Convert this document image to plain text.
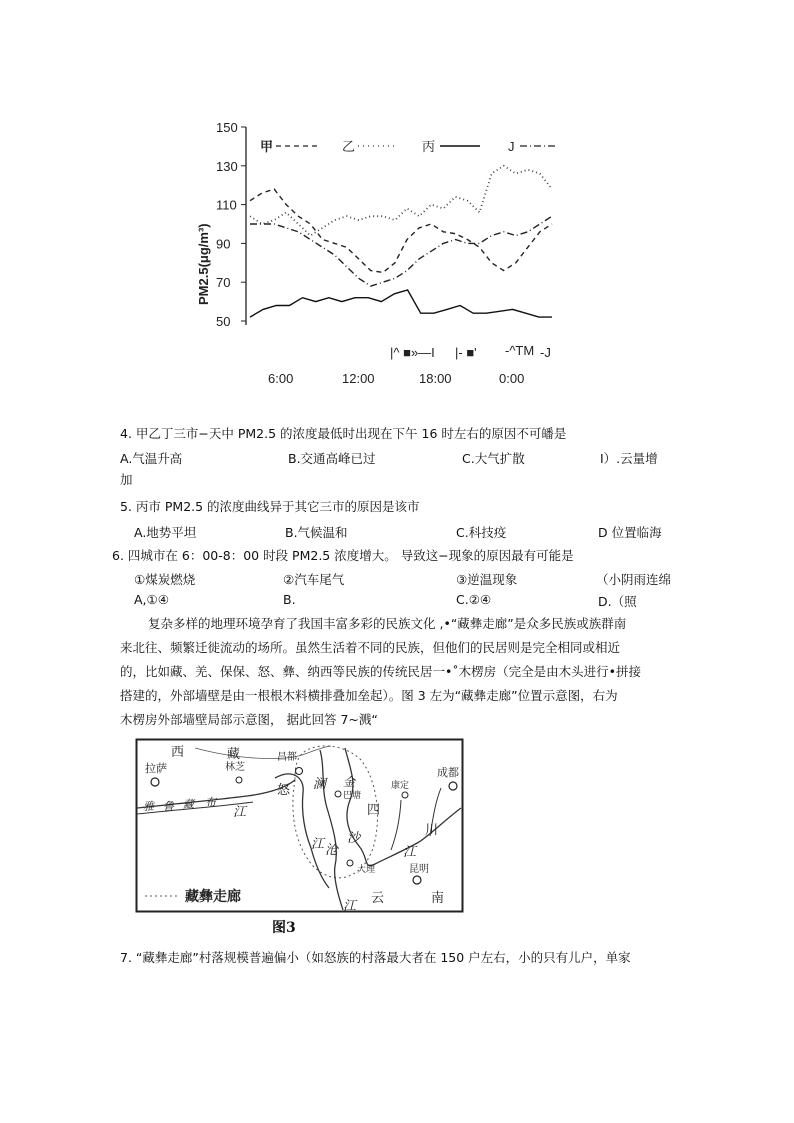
150
130
110
90
70
50
PM2.5(μg/m³)
甲	乙	丙	J
|^ ■»—I |- ■' -^TM -J
6:00	12:00	18:00	0:00
4. 甲乙丁三市−天中 PM2.5 的浓度最低时出现在下午 16 时左右的原因不可皤是
A.气温升高	B.交通高峰已过	C.大气扩散	I）.云量增
加
5. 丙市 PM2.5 的浓度曲线异于其它三市的原因是该市
A.地势平坦	B.气候温和	C.科技疫	D 位置临海
6. 四城市在 6：00-8：00 时段 PM2.5 浓度增大。 导致这−现象的原因最有可能是
①煤炭燃烧	②汽车尾气	③逆温现象	（小阴雨连绵
A,①④	B.	C.②④	D.（照
复杂多样的地理环境孕育了我国丰富多彩的民族文化 ,•“藏彝走廊”是众多民族或族群南
来北往、频繁迁徙流动的场所。虽然生活着不同的民族，但他们的民居则是完全相同或相近
的，比如藏、羌、保保、怒、彝、纳西等民族的传统民居一•˚木楞房（完全是由木头进行•拼接
搭建的，外部墙壁是由一根根木料横排叠加垒起）。图 3 左为“藏彝走廊”位置示意图，右为
木楞房外部墙壁局部示意图， 据此回答 7~溅“
西	藏
拉萨	林芝
昌都
怒 澜 金
巴塘
康定
成都
四
川
江 沧
沙
江
大理	昆明
云	南
江
江
雅 鲁 藏 布
藏彝走廊
图3
7. “藏彝走廊”村落规模普遍偏小（如怒族的村落最大者在 150 户左右，小的只有儿户，单家
